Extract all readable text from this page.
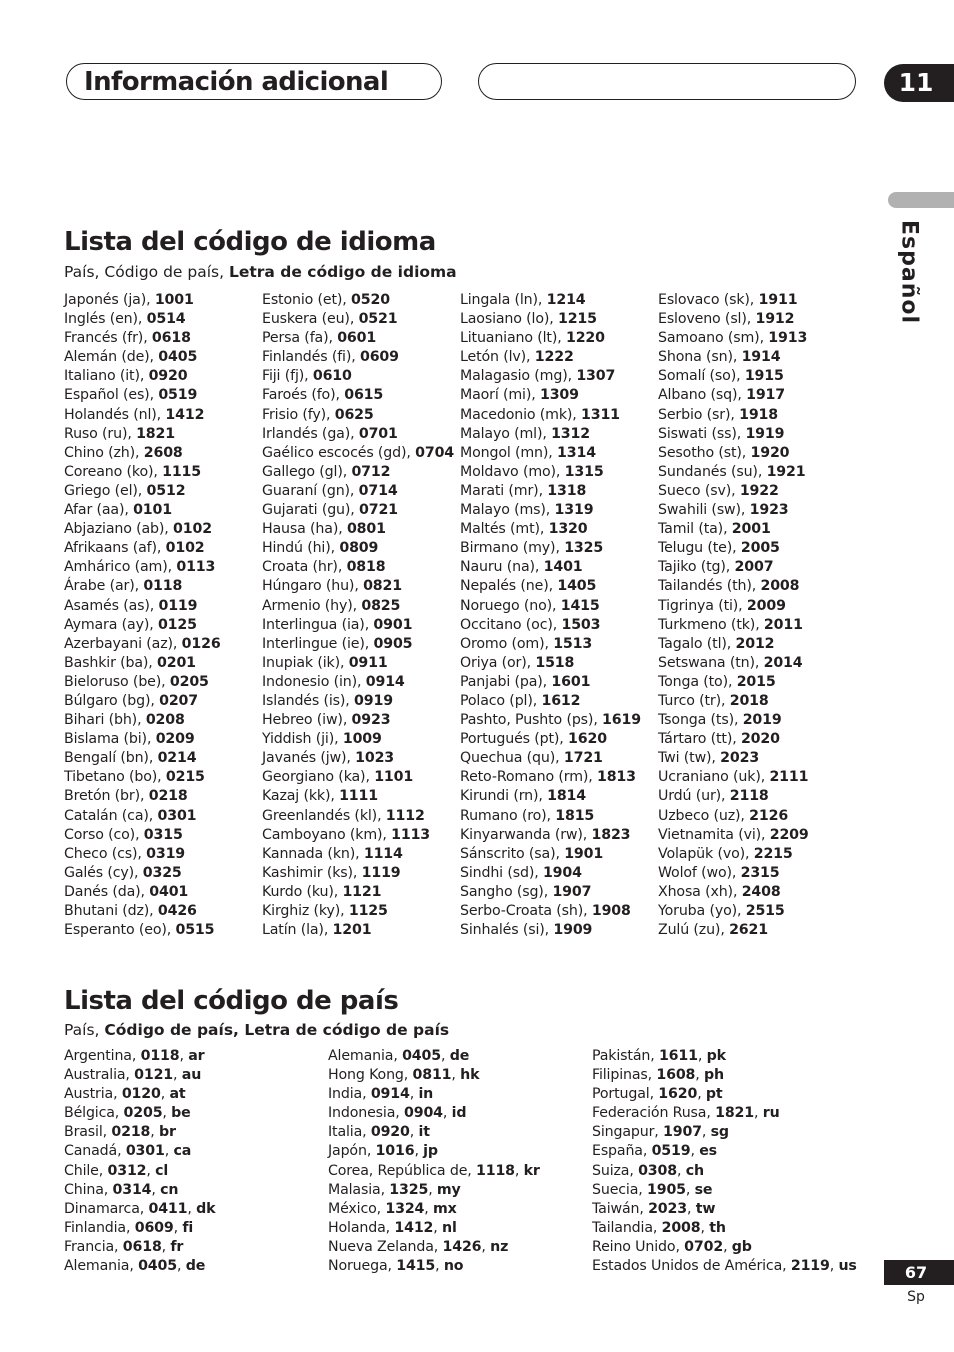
Información adicional	11
Español
Lista del código de idioma
País, Código de país, Letra de código de idioma
Japonés (ja), 1001
Inglés (en), 0514
Francés (fr), 0618
Alemán (de), 0405
Italiano (it), 0920
Español (es), 0519
Holandés (nl), 1412
Ruso (ru), 1821
Chino (zh), 2608
Coreano (ko), 1115
Griego (el), 0512
Afar (aa), 0101
Abjaziano (ab), 0102
Afrikaans (af), 0102
Amhárico (am), 0113
Árabe (ar), 0118
Asamés (as), 0119
Aymara (ay), 0125
Azerbayani (az), 0126
Bashkir (ba), 0201
Bieloruso (be), 0205
Búlgaro (bg), 0207
Bihari (bh), 0208
Bislama (bi), 0209
Bengalí (bn), 0214
Tibetano (bo), 0215
Bretón (br), 0218
Catalán (ca), 0301
Corso (co), 0315
Checo (cs), 0319
Galés (cy), 0325
Danés (da), 0401
Bhutani (dz), 0426
Esperanto (eo), 0515
Estonio (et), 0520
Euskera (eu), 0521
Persa (fa), 0601
Finlandés (fi), 0609
Fiji (fj), 0610
Faroés (fo), 0615
Frisio (fy), 0625
Irlandés (ga), 0701
Gaélico escocés (gd), 0704
Gallego (gl), 0712
Guaraní (gn), 0714
Gujarati (gu), 0721
Hausa (ha), 0801
Hindú (hi), 0809
Croata (hr), 0818
Húngaro (hu), 0821
Armenio (hy), 0825
Interlingua (ia), 0901
Interlingue (ie), 0905
Inupiak (ik), 0911
Indonesio (in), 0914
Islandés (is), 0919
Hebreo (iw), 0923
Yiddish (ji), 1009
Javanés (jw), 1023
Georgiano (ka), 1101
Kazaj (kk), 1111
Greenlandés (kl), 1112
Camboyano (km), 1113
Kannada (kn), 1114
Kashimir (ks), 1119
Kurdo (ku), 1121
Kirghiz (ky), 1125
Latín (la), 1201
Lingala (ln), 1214
Laosiano (lo), 1215
Lituaniano (lt), 1220
Letón (lv), 1222
Malagasio (mg), 1307
Maorí (mi), 1309
Macedonio (mk), 1311
Malayo (ml), 1312
Mongol (mn), 1314
Moldavo (mo), 1315
Marati (mr), 1318
Malayo (ms), 1319
Maltés (mt), 1320
Birmano (my), 1325
Nauru (na), 1401
Nepalés (ne), 1405
Noruego (no), 1415
Occitano (oc), 1503
Oromo (om), 1513
Oriya (or), 1518
Panjabi (pa), 1601
Polaco (pl), 1612
Pashto, Pushto (ps), 1619
Portugués (pt), 1620
Quechua (qu), 1721
Reto-Romano (rm), 1813
Kirundi (rn), 1814
Rumano (ro), 1815
Kinyarwanda (rw), 1823
Sánscrito (sa), 1901
Sindhi (sd), 1904
Sangho (sg), 1907
Serbo-Croata (sh), 1908
Sinhalés (si), 1909
Eslovaco (sk), 1911
Esloveno (sl), 1912
Samoano (sm), 1913
Shona (sn), 1914
Somalí (so), 1915
Albano (sq), 1917
Serbio (sr), 1918
Siswati (ss), 1919
Sesotho (st), 1920
Sundanés (su), 1921
Sueco (sv), 1922
Swahili (sw), 1923
Tamil (ta), 2001
Telugu (te), 2005
Tajiko (tg), 2007
Tailandés (th), 2008
Tigrinya (ti), 2009
Turkmeno (tk), 2011
Tagalo (tl), 2012
Setswana (tn), 2014
Tonga (to), 2015
Turco (tr), 2018
Tsonga (ts), 2019
Tártaro (tt), 2020
Twi (tw), 2023
Ucraniano (uk), 2111
Urdú (ur), 2118
Uzbeco (uz), 2126
Vietnamita (vi), 2209
Volapük (vo), 2215
Wolof (wo), 2315
Xhosa (xh), 2408
Yoruba (yo), 2515
Zulú (zu), 2621
Lista del código de país
País, Código de país, Letra de código de país
Argentina, 0118, ar
Australia, 0121, au
Austria, 0120, at
Bélgica, 0205, be
Brasil, 0218, br
Canadá, 0301, ca
Chile, 0312, cl
China, 0314, cn
Dinamarca, 0411, dk
Finlandia, 0609, fi
Francia, 0618, fr
Alemania, 0405, de
Alemania, 0405, de
Hong Kong, 0811, hk
India, 0914, in
Indonesia, 0904, id
Italia, 0920, it
Japón, 1016, jp
Corea, República de, 1118, kr
Malasia, 1325, my
México, 1324, mx
Holanda, 1412, nl
Nueva Zelanda, 1426, nz
Noruega, 1415, no
Pakistán, 1611, pk
Filipinas, 1608, ph
Portugal, 1620, pt
Federación Rusa, 1821, ru
Singapur, 1907, sg
España, 0519, es
Suiza, 0308, ch
Suecia, 1905, se
Taiwán, 2023, tw
Tailandia, 2008, th
Reino Unido, 0702, gb
Estados Unidos de América, 2119, us	67
Sp
